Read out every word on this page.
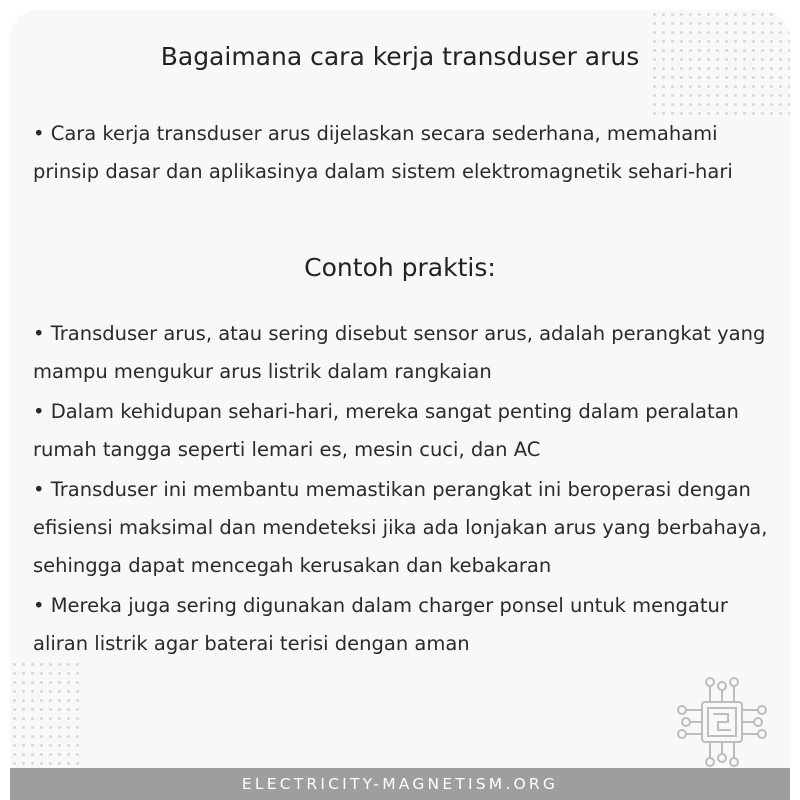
Bagaimana cara kerja transduser arus
• Cara kerja transduser arus dijelaskan secara sederhana, memahami prinsip dasar dan aplikasinya dalam sistem elektromagnetik sehari-hari
Contoh praktis:
• Transduser arus, atau sering disebut sensor arus, adalah perangkat yang mampu mengukur arus listrik dalam rangkaian
• Dalam kehidupan sehari-hari, mereka sangat penting dalam peralatan rumah tangga seperti lemari es, mesin cuci, dan AC
• Transduser ini membantu memastikan perangkat ini beroperasi dengan efisiensi maksimal dan mendeteksi jika ada lonjakan arus yang berbahaya, sehingga dapat mencegah kerusakan dan kebakaran
• Mereka juga sering digunakan dalam charger ponsel untuk mengatur aliran listrik agar baterai terisi dengan aman
ELECTRICITY-MAGNETISM.ORG
